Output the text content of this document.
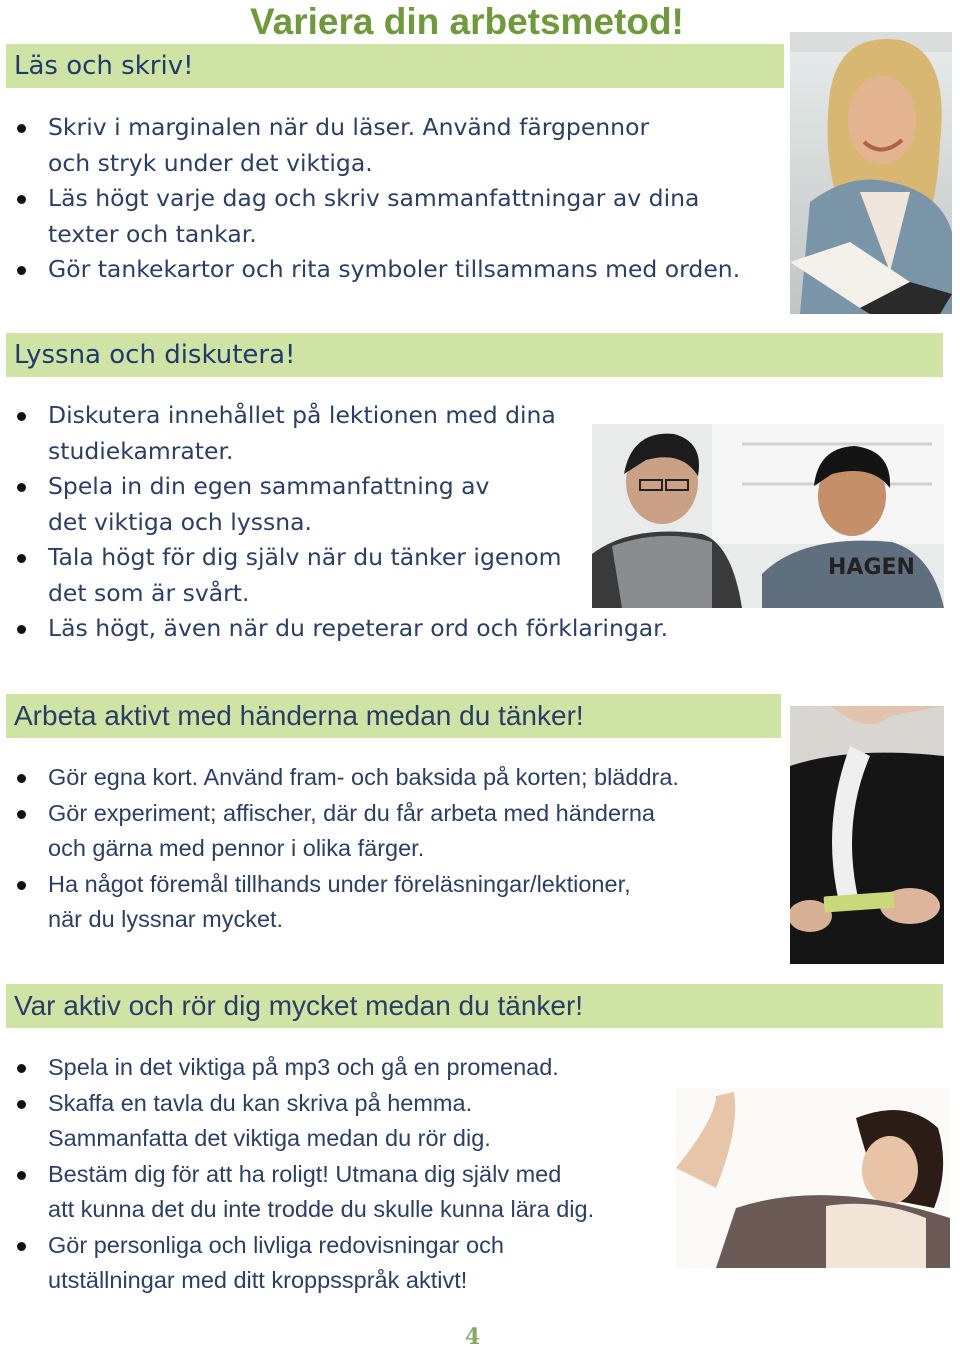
Variera din arbetsmetod!
Läs och skriv!
Skriv i marginalen när du läser. Använd färgpennor
och stryk under det viktiga.
Läs högt varje dag och skriv sammanfattningar av dina
texter och tankar.
Gör tankekartor och rita symboler tillsammans med orden.
Lyssna och diskutera!
Diskutera innehållet på lektionen med dina
studiekamrater.
Spela in din egen sammanfattning av
det viktiga och lyssna.
Tala högt för dig själv när du tänker igenom
det som är svårt.
Läs högt, även när du repeterar ord och förklaringar.
HAGEN
Arbeta aktivt med händerna medan du tänker!
Gör egna kort. Använd fram- och baksida på korten; bläddra.
Gör experiment; affischer, där du får arbeta med händerna
och gärna med pennor i olika färger.
Ha något föremål tillhands under föreläsningar/lektioner,
när du lyssnar mycket.
Var aktiv och rör dig mycket medan du tänker!
Spela in det viktiga på mp3 och gå en promenad.
Skaffa en tavla du kan skriva på hemma.
Sammanfatta det viktiga medan du rör dig.
Bestäm dig för att ha roligt! Utmana dig själv med
att kunna det du inte trodde du skulle kunna lära dig.
Gör personliga och livliga redovisningar och
utställningar med ditt kroppsspråk aktivt!
4
